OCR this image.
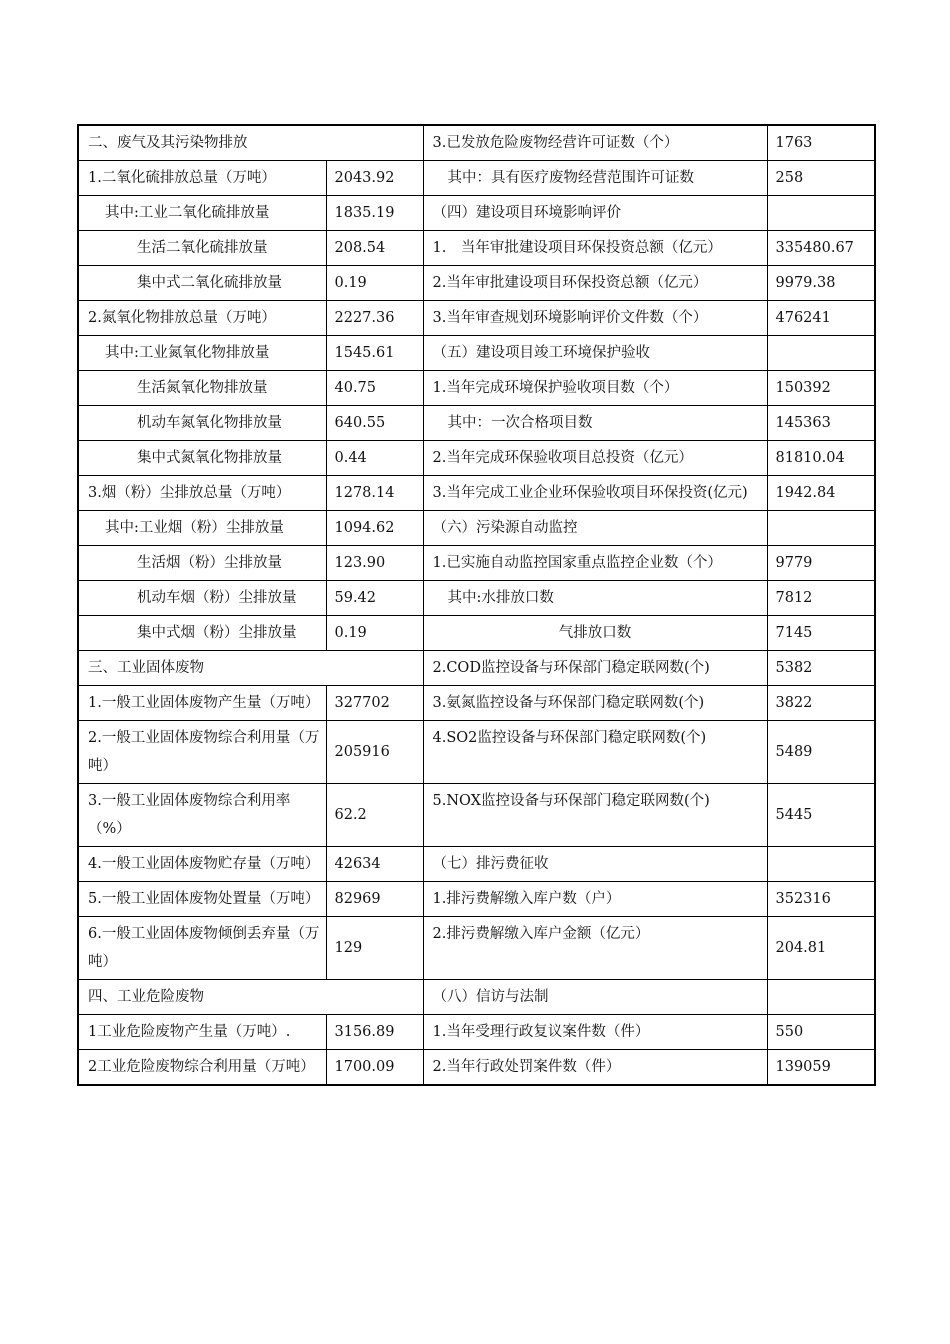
二、废气及其污染物排放		3.已发放危险废物经营许可证数（个）	1763
1.二氧化硫排放总量（万吨）	2043.92	其中：具有医疗废物经营范围许可证数	258
其中:工业二氧化硫排放量	1835.19	（四）建设项目环境影响评价	
生活二氧化硫排放量	208.54	1.　当年审批建设项目环保投资总额（亿元）	335480.67
集中式二氧化硫排放量	0.19	2.当年审批建设项目环保投资总额（亿元）	9979.38
2.氮氧化物排放总量（万吨）	2227.36	3.当年审查规划环境影响评价文件数（个）	476241
其中:工业氮氧化物排放量	1545.61	（五）建设项目竣工环境保护验收	
生活氮氧化物排放量	40.75	1.当年完成环境保护验收项目数（个）	150392
机动车氮氧化物排放量	640.55	其中：一次合格项目数	145363
集中式氮氧化物排放量	0.44	2.当年完成环保验收项目总投资（亿元）	81810.04
3.烟（粉）尘排放总量（万吨）	1278.14	3.当年完成工业企业环保验收项目环保投资(亿元)	1942.84
其中:工业烟（粉）尘排放量	1094.62	（六）污染源自动监控	
生活烟（粉）尘排放量	123.90	1.已实施自动监控国家重点监控企业数（个）	9779
机动车烟（粉）尘排放量	59.42	其中:水排放口数	7812
集中式烟（粉）尘排放量	0.19	气排放口数	7145
三、工业固体废物		2.COD监控设备与环保部门稳定联网数(个)	5382
1.一般工业固体废物产生量（万吨）	327702	3.氨氮监控设备与环保部门稳定联网数(个)	3822
2.一般工业固体废物综合利用量（万吨）	205916	4.SO2监控设备与环保部门稳定联网数(个)	5489
3.一般工业固体废物综合利用率（%）	62.2	5.NOX监控设备与环保部门稳定联网数(个)	5445
4.一般工业固体废物贮存量（万吨）	42634	（七）排污费征收	
5.一般工业固体废物处置量（万吨）	82969	1.排污费解缴入库户数（户）	352316
6.一般工业固体废物倾倒丢弃量（万吨）	129	2.排污费解缴入库户金额（亿元）	204.81
四、工业危险废物		（八）信访与法制	
1工业危险废物产生量（万吨）.	3156.89	1.当年受理行政复议案件数（件）	550
2工业危险废物综合利用量（万吨）	1700.09	2.当年行政处罚案件数（件）	139059
